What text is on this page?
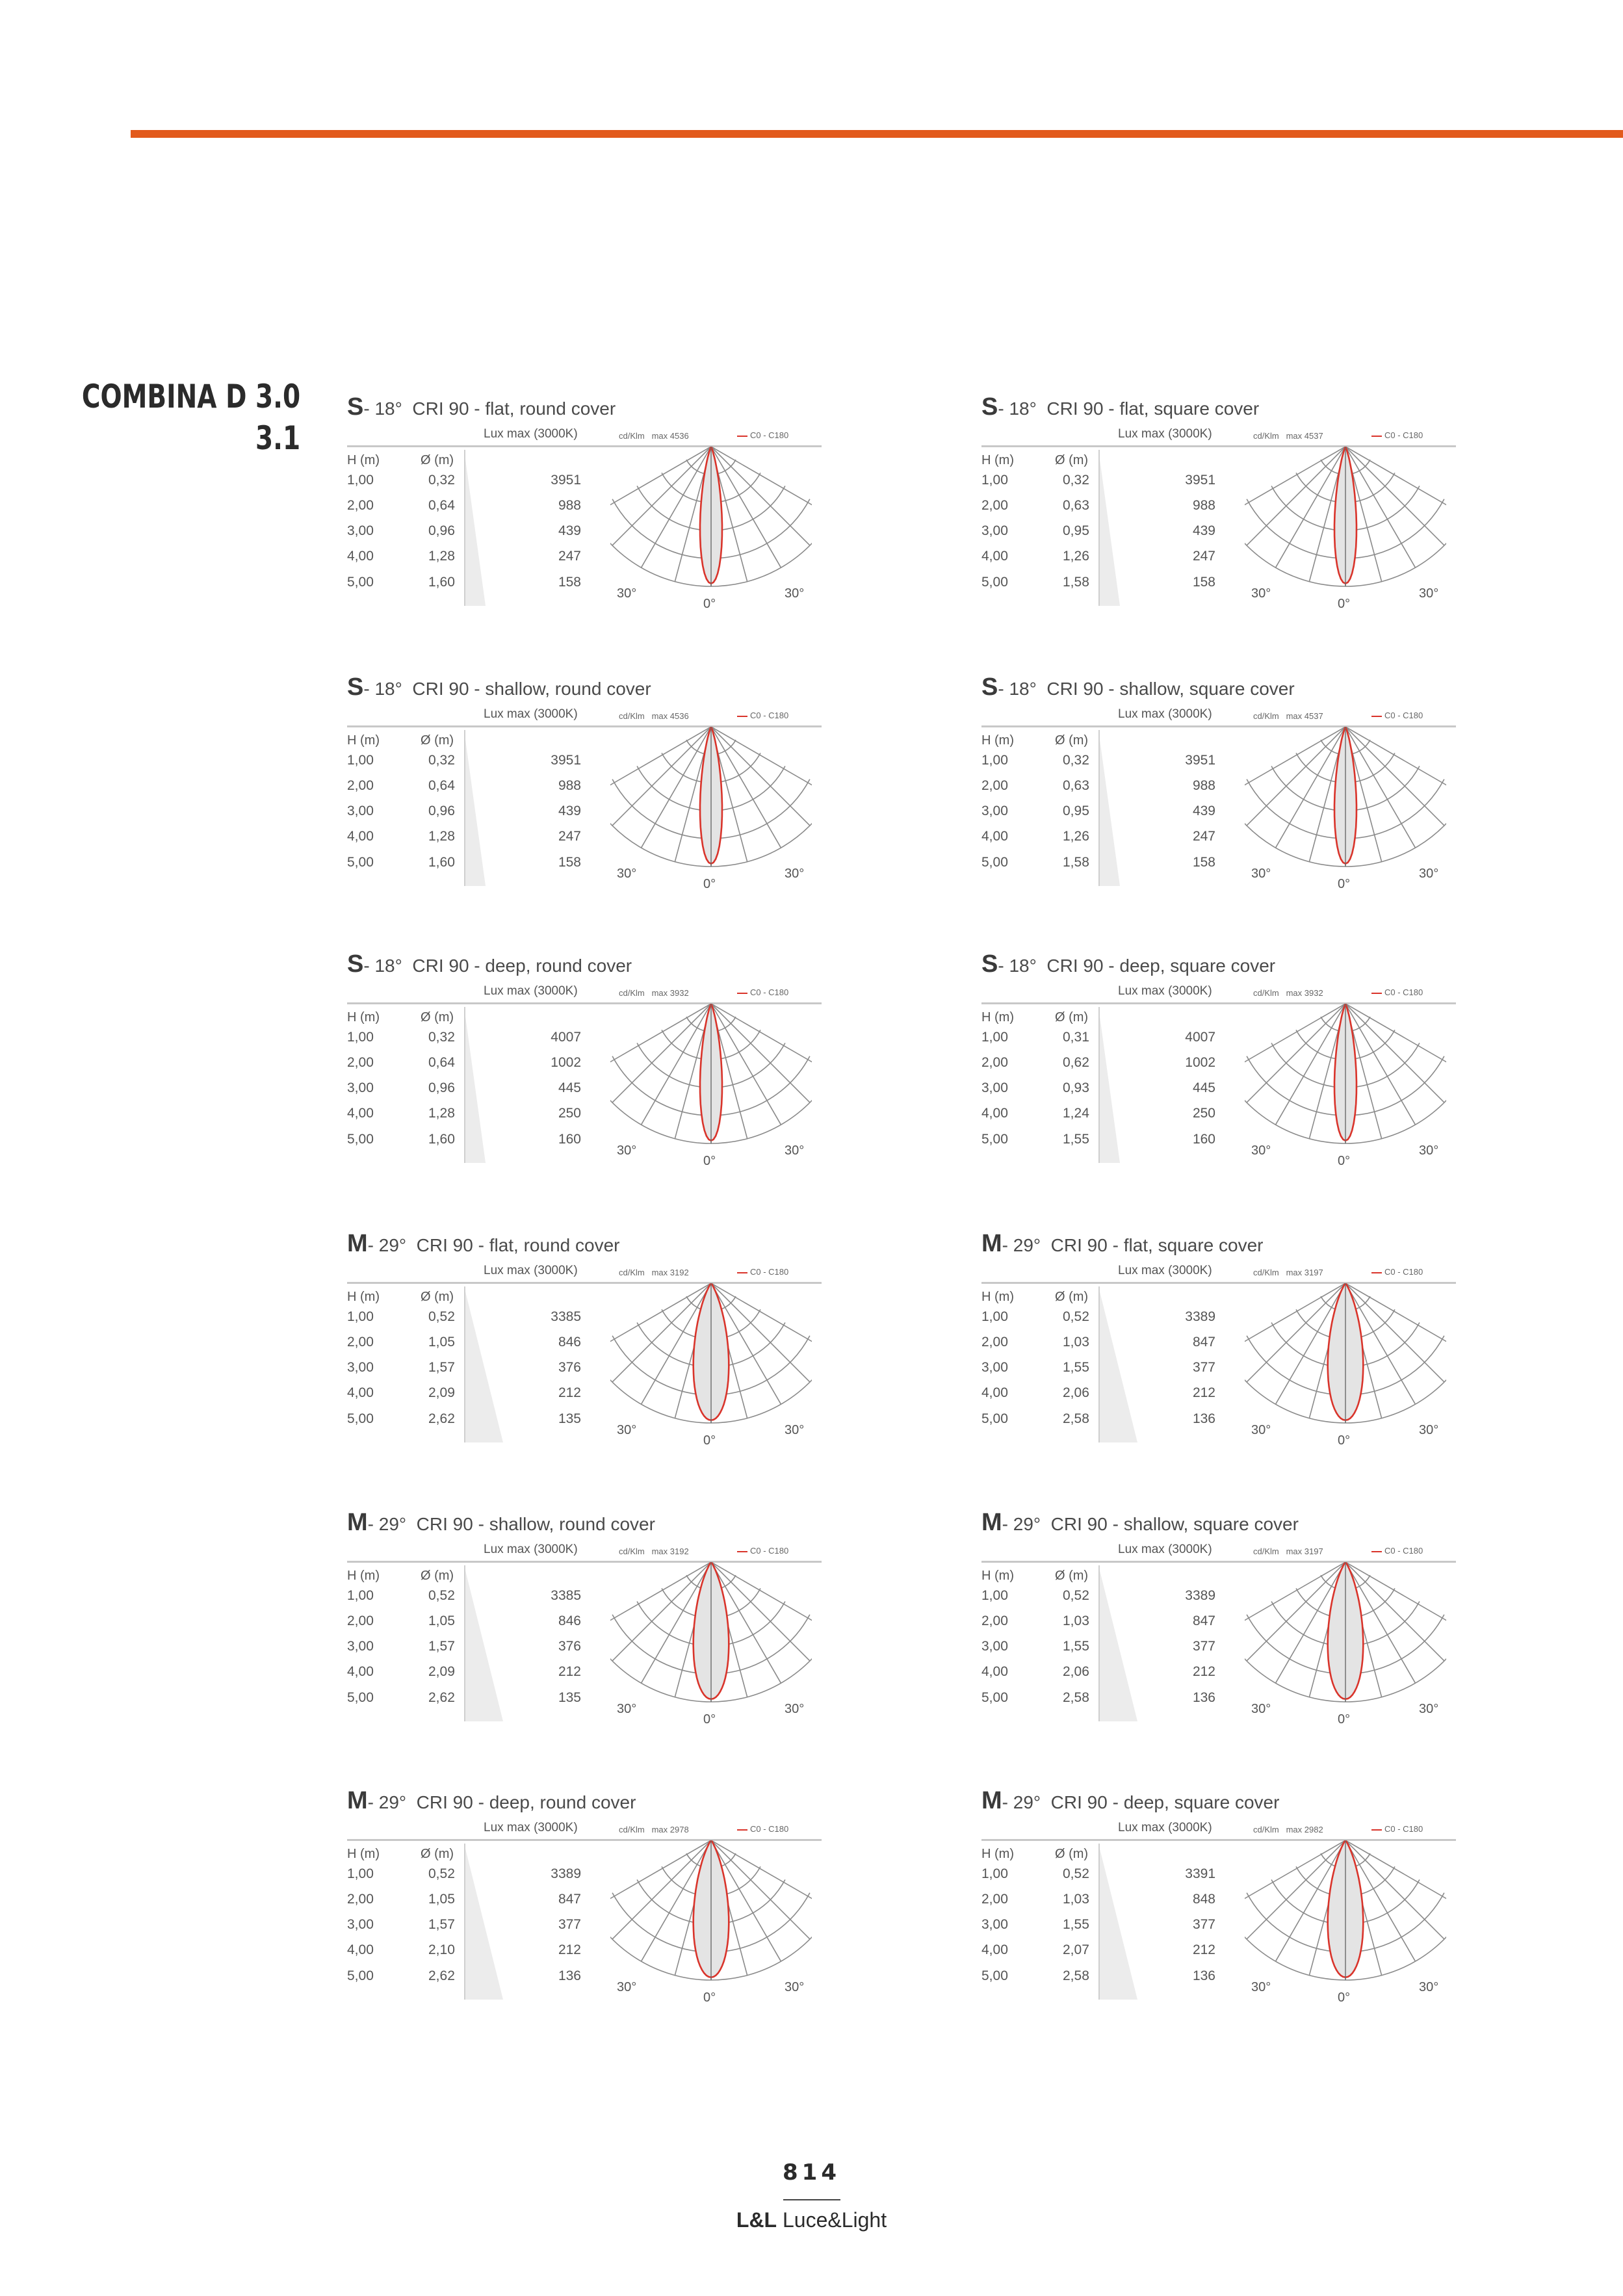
COMBINA D 3.0
3.1
S- 18° CRI 90 - flat, round cover
Lux max (3000K)	cd/Klm max 4536	C0 - C180
H (m)	Ø (m)
1,00	0,32	3951
2,00	0,64	988
3,00	0,96	439
4,00	1,28	247
5,00	1,60	158
30°	30°
0°
S- 18° CRI 90 - flat, square cover
Lux max (3000K)	cd/Klm max 4537	C0 - C180
H (m)	Ø (m)
1,00	0,32	3951
2,00	0,63	988
3,00	0,95	439
4,00	1,26	247
5,00	1,58	158
30°	30°
0°
S- 18° CRI 90 - shallow, round cover
Lux max (3000K)	cd/Klm max 4536	C0 - C180
H (m)	Ø (m)
1,00	0,32	3951
2,00	0,64	988
3,00	0,96	439
4,00	1,28	247
5,00	1,60	158
30°	30°
0°
S- 18° CRI 90 - shallow, square cover
Lux max (3000K)	cd/Klm max 4537	C0 - C180
H (m)	Ø (m)
1,00	0,32	3951
2,00	0,63	988
3,00	0,95	439
4,00	1,26	247
5,00	1,58	158
30°	30°
0°
S- 18° CRI 90 - deep, round cover
Lux max (3000K)	cd/Klm max 3932	C0 - C180
H (m)	Ø (m)
1,00	0,32	4007
2,00	0,64	1002
3,00	0,96	445
4,00	1,28	250
5,00	1,60	160
30°	30°
0°
S- 18° CRI 90 - deep, square cover
Lux max (3000K)	cd/Klm max 3932	C0 - C180
H (m)	Ø (m)
1,00	0,31	4007
2,00	0,62	1002
3,00	0,93	445
4,00	1,24	250
5,00	1,55	160
30°	30°
0°
M- 29° CRI 90 - flat, round cover
Lux max (3000K)	cd/Klm max 3192	C0 - C180
H (m)	Ø (m)
1,00	0,52	3385
2,00	1,05	846
3,00	1,57	376
4,00	2,09	212
5,00	2,62	135
30°	30°
0°
M- 29° CRI 90 - flat, square cover
Lux max (3000K)	cd/Klm max 3197	C0 - C180
H (m)	Ø (m)
1,00	0,52	3389
2,00	1,03	847
3,00	1,55	377
4,00	2,06	212
5,00	2,58	136
30°	30°
0°
M- 29° CRI 90 - shallow, round cover
Lux max (3000K)	cd/Klm max 3192	C0 - C180
H (m)	Ø (m)
1,00	0,52	3385
2,00	1,05	846
3,00	1,57	376
4,00	2,09	212
5,00	2,62	135
30°	30°
0°
M- 29° CRI 90 - shallow, square cover
Lux max (3000K)	cd/Klm max 3197	C0 - C180
H (m)	Ø (m)
1,00	0,52	3389
2,00	1,03	847
3,00	1,55	377
4,00	2,06	212
5,00	2,58	136
30°	30°
0°
M- 29° CRI 90 - deep, round cover
Lux max (3000K)	cd/Klm max 2978	C0 - C180
H (m)	Ø (m)
1,00	0,52	3389
2,00	1,05	847
3,00	1,57	377
4,00	2,10	212
5,00	2,62	136
30°	30°
0°
M- 29° CRI 90 - deep, square cover
Lux max (3000K)	cd/Klm max 2982	C0 - C180
H (m)	Ø (m)
1,00	0,52	3391
2,00	1,03	848
3,00	1,55	377
4,00	2,07	212
5,00	2,58	136
30°	30°
0°
814
L&L Luce&Light
